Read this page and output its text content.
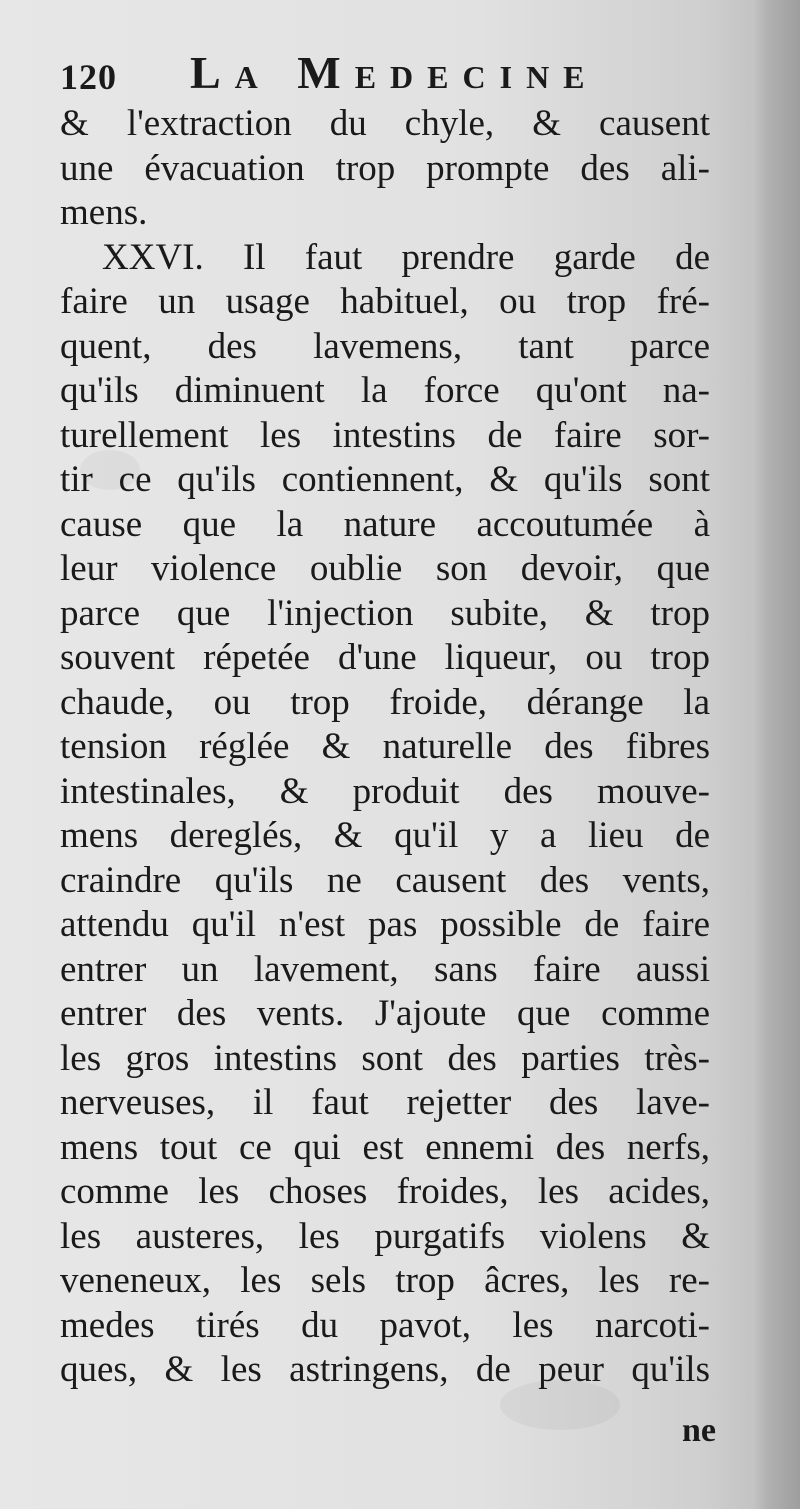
120 La Medecine
& l'extraction du chyle, & causent
une évacuation trop prompte des ali-
mens.
XXVI. Il faut prendre garde de
faire un usage habituel, ou trop fré-
quent, des lavemens, tant parce
qu'ils diminuent la force qu'ont na-
turellement les intestins de faire sor-
tir ce qu'ils contiennent, & qu'ils sont
cause que la nature accoutumée à
leur violence oublie son devoir, que
parce que l'injection subite, & trop
souvent répetée d'une liqueur, ou trop
chaude, ou trop froide, dérange la
tension réglée & naturelle des fibres
intestinales, & produit des mouve-
mens dereglés, & qu'il y a lieu de
craindre qu'ils ne causent des vents,
attendu qu'il n'est pas possible de faire
entrer un lavement, sans faire aussi
entrer des vents. J'ajoute que comme
les gros intestins sont des parties très-
nerveuses, il faut rejetter des lave-
mens tout ce qui est ennemi des nerfs,
comme les choses froides, les acides,
les austeres, les purgatifs violens &
veneneux, les sels trop âcres, les re-
medes tirés du pavot, les narcoti-
ques, & les astringens, de peur qu'ils
ne
